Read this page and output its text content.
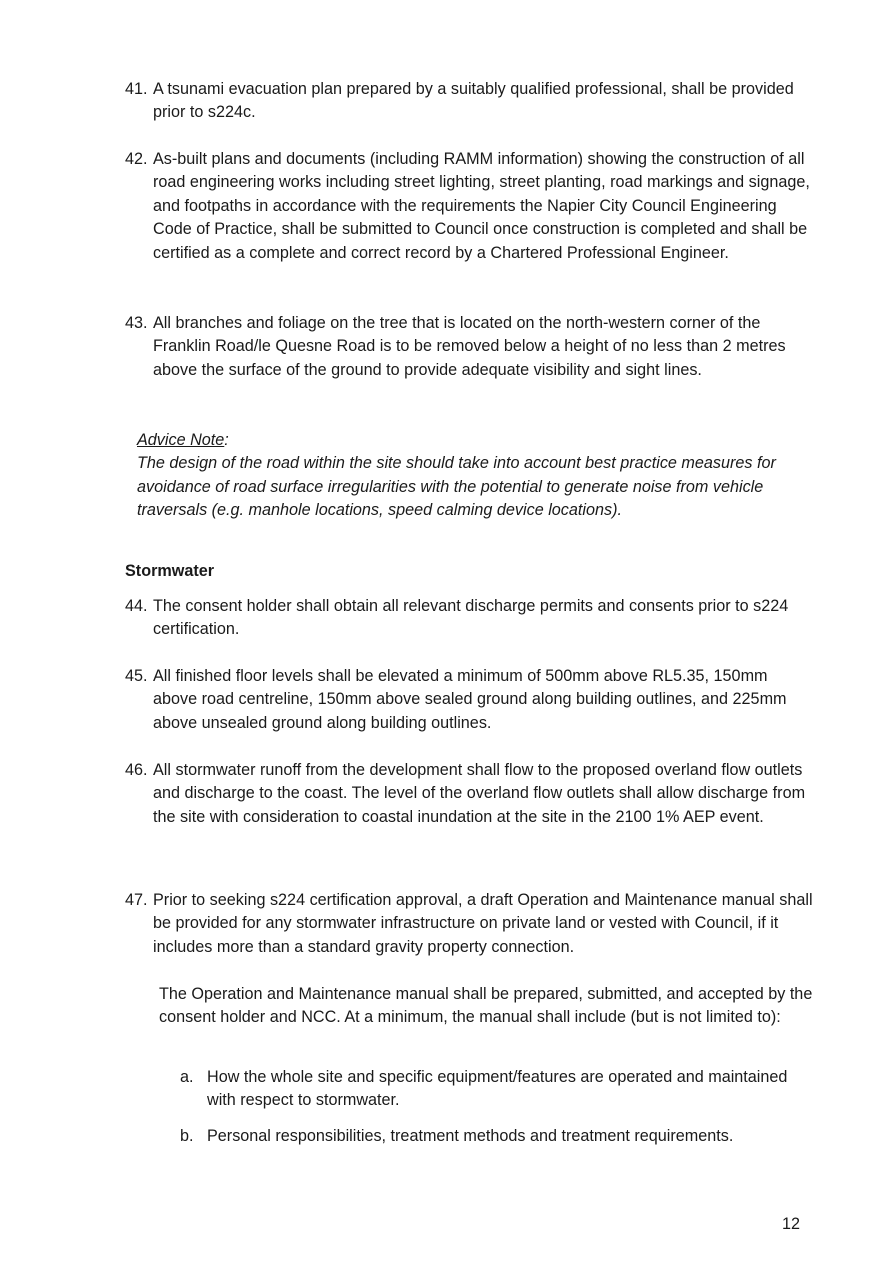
41. A tsunami evacuation plan prepared by a suitably qualified professional, shall be provided prior to s224c.
42. As-built plans and documents (including RAMM information) showing the construction of all road engineering works including street lighting, street planting, road markings and signage, and footpaths in accordance with the requirements the Napier City Council Engineering Code of Practice, shall be submitted to Council once construction is completed and shall be certified as a complete and correct record by a Chartered Professional Engineer.
43. All branches and foliage on the tree that is located on the north-western corner of the Franklin Road/le Quesne Road is to be removed below a height of no less than 2 metres above the surface of the ground to provide adequate visibility and sight lines.
Advice Note:
The design of the road within the site should take into account best practice measures for avoidance of road surface irregularities with the potential to generate noise from vehicle traversals (e.g. manhole locations, speed calming device locations).
Stormwater
44. The consent holder shall obtain all relevant discharge permits and consents prior to s224 certification.
45. All finished floor levels shall be elevated a minimum of 500mm above RL5.35, 150mm above road centreline, 150mm above sealed ground along building outlines, and 225mm above unsealed ground along building outlines.
46. All stormwater runoff from the development shall flow to the proposed overland flow outlets and discharge to the coast. The level of the overland flow outlets shall allow discharge from the site with consideration to coastal inundation at the site in the 2100 1% AEP event.
47. Prior to seeking s224 certification approval, a draft Operation and Maintenance manual shall be provided for any stormwater infrastructure on private land or vested with Council, if it includes more than a standard gravity property connection.
The Operation and Maintenance manual shall be prepared, submitted, and accepted by the consent holder and NCC. At a minimum, the manual shall include (but is not limited to):
a. How the whole site and specific equipment/features are operated and maintained with respect to stormwater.
b. Personal responsibilities, treatment methods and treatment requirements.
12
